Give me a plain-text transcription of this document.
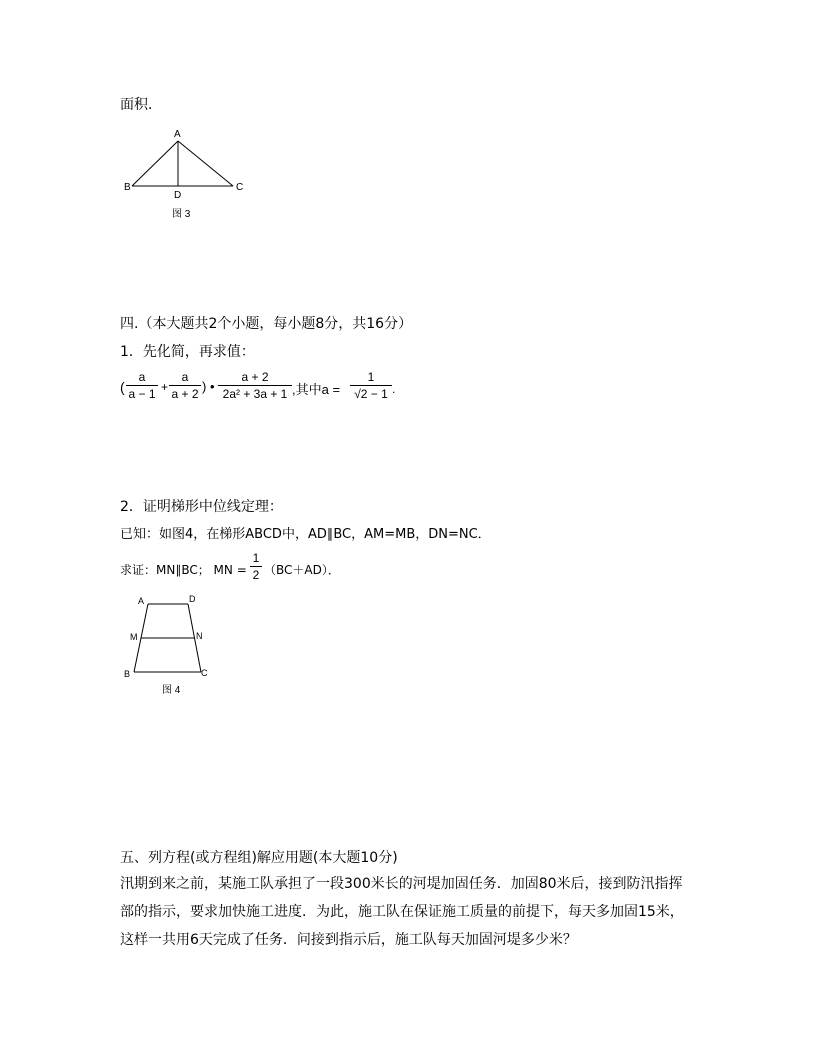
面积．
A
B	C
D
图 3
四.（本大题共2个小题，每小题8分，共16分）
1．先化简，再求值：
(
a
a − 1 +
a
a + 2 ) •
a + 2
2a² + 3a + 1 ,其中a =
1
√2 − 1 .
2．证明梯形中位线定理：
已知：如图4，在梯形ABCD中，AD∥BC，AM=MB，DN=NC．
求证：MN∥BC； MN =
1
2 （BC＋AD）．
A	D
M	N
B	C
图 4
五、列方程(或方程组)解应用题(本大题10分)
汛期到来之前，某施工队承担了一段300米长的河堤加固任务．加固80米后，接到防汛指挥
部的指示，要求加快施工进度．为此，施工队在保证施工质量的前提下，每天多加固15米，
这样一共用6天完成了任务．问接到指示后，施工队每天加固河堤多少米？
